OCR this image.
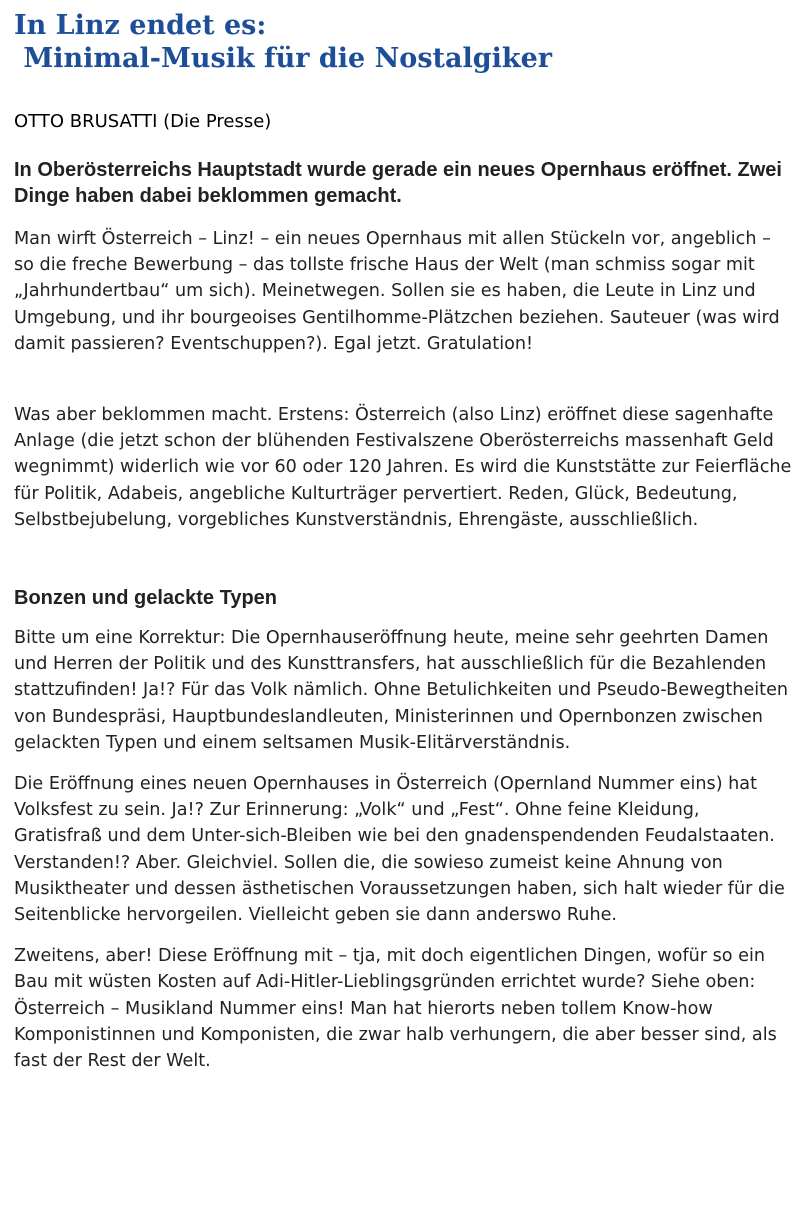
In Linz endet es:
Minimal-Musik für die Nostalgiker

OTTO BRUSATTI (Die Presse)

In Oberösterreichs Hauptstadt wurde gerade ein neues Opernhaus eröffnet. Zwei Dinge haben dabei beklommen gemacht.

Man wirft Österreich – Linz! – ein neues Opernhaus mit allen Stückeln vor, angeblich – so die freche Bewerbung – das tollste frische Haus der Welt (man schmiss sogar mit „Jahrhundertbau“ um sich). Meinetwegen. Sollen sie es haben, die Leute in Linz und Umgebung, und ihr bourgeoises Gentilhomme-Plätzchen beziehen. Sauteuer (was wird damit passieren? Eventschuppen?). Egal jetzt. Gratulation!

Was aber beklommen macht. Erstens: Österreich (also Linz) eröffnet diese sagenhafte Anlage (die jetzt schon der blühenden Festivalszene Oberösterreichs massenhaft Geld wegnimmt) widerlich wie vor 60 oder 120 Jahren. Es wird die Kunststätte zur Feierfläche für Politik, Adabeis, angebliche Kulturträger pervertiert. Reden, Glück, Bedeutung, Selbstbejubelung, vorgebliches Kunstverständnis, Ehrengäste, ausschließlich.

Bonzen und gelackte Typen

Bitte um eine Korrektur: Die Opernhauseröffnung heute, meine sehr geehrten Damen und Herren der Politik und des Kunsttransfers, hat ausschließlich für die Bezahlenden stattzufinden! Ja!? Für das Volk nämlich. Ohne Betulichkeiten und Pseudo-Bewegtheiten von Bundespräsi, Hauptbundeslandleuten, Ministerinnen und Opernbonzen zwischen gelackten Typen und einem seltsamen Musik-Elitärverständnis.

Die Eröffnung eines neuen Opernhauses in Österreich (Opernland Nummer eins) hat Volksfest zu sein. Ja!? Zur Erinnerung: „Volk“ und „Fest“. Ohne feine Kleidung, Gratisfraß und dem Unter-sich-Bleiben wie bei den gnadenspendenden Feudalstaaten. Verstanden!? Aber. Gleichviel. Sollen die, die sowieso zumeist keine Ahnung von Musiktheater und dessen ästhetischen Voraussetzungen haben, sich halt wieder für die Seitenblicke hervorgeilen. Vielleicht geben sie dann anderswo Ruhe.

Zweitens, aber! Diese Eröffnung mit – tja, mit doch eigentlichen Dingen, wofür so ein Bau mit wüsten Kosten auf Adi-Hitler-Lieblingsgründen errichtet wurde? Siehe oben: Österreich – Musikland Nummer eins! Man hat hierorts neben tollem Know-how Komponistinnen und Komponisten, die zwar halb verhungern, die aber besser sind, als fast der Rest der Welt.
